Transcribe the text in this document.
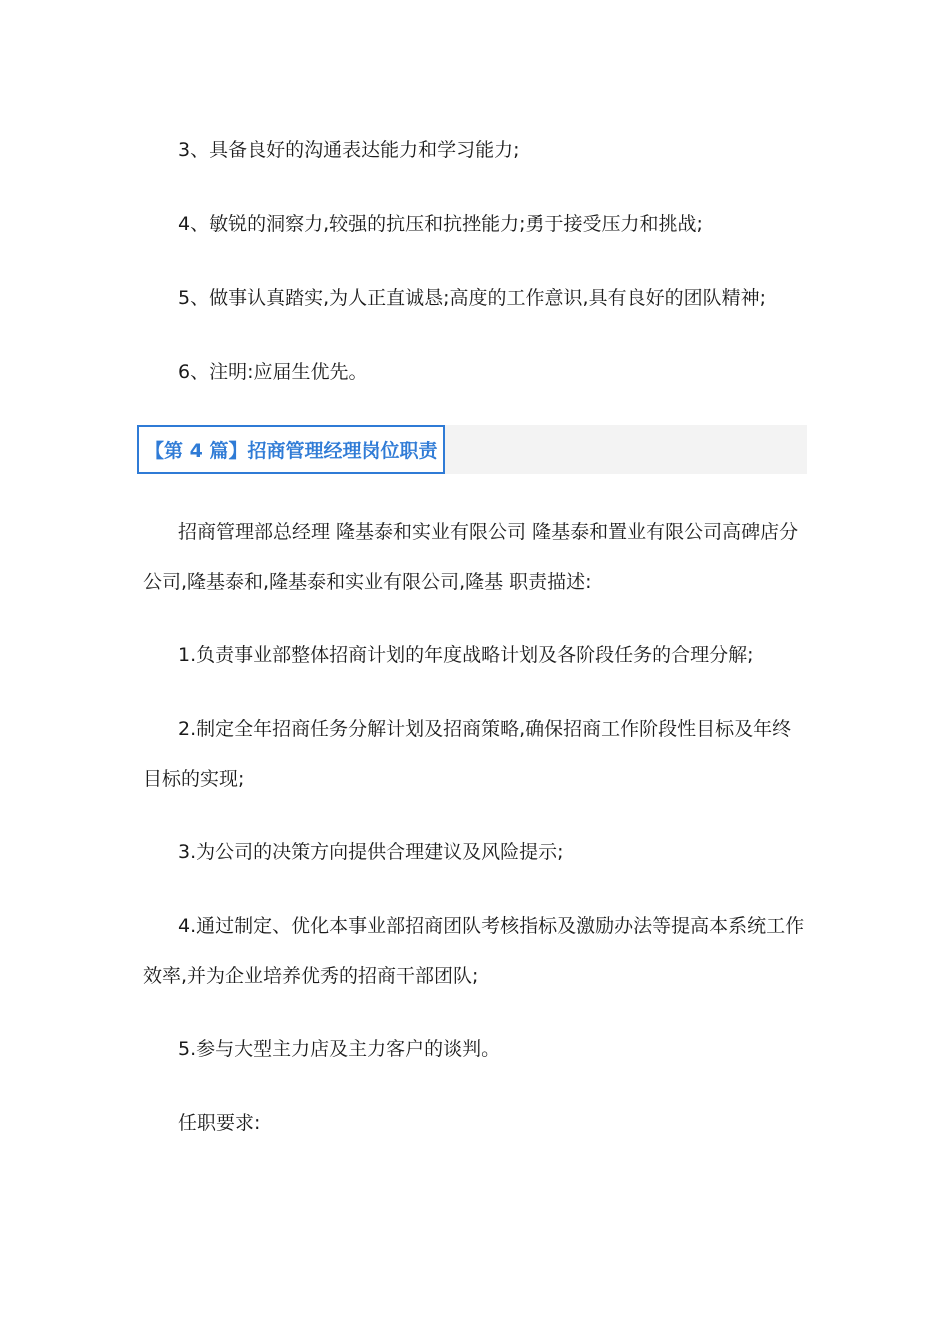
3、具备良好的沟通表达能力和学习能力;

4、敏锐的洞察力,较强的抗压和抗挫能力;勇于接受压力和挑战;

5、做事认真踏实,为人正直诚恳;高度的工作意识,具有良好的团队精神;

6、注明:应届生优先。

【第 4 篇】招商管理经理岗位职责

招商管理部总经理 隆基泰和实业有限公司 隆基泰和置业有限公司高碑店分公司,隆基泰和,隆基泰和实业有限公司,隆基 职责描述:

1.负责事业部整体招商计划的年度战略计划及各阶段任务的合理分解;

2.制定全年招商任务分解计划及招商策略,确保招商工作阶段性目标及年终目标的实现;

3.为公司的决策方向提供合理建议及风险提示;

4.通过制定、优化本事业部招商团队考核指标及激励办法等提高本系统工作效率,并为企业培养优秀的招商干部团队;

5.参与大型主力店及主力客户的谈判。

任职要求:
